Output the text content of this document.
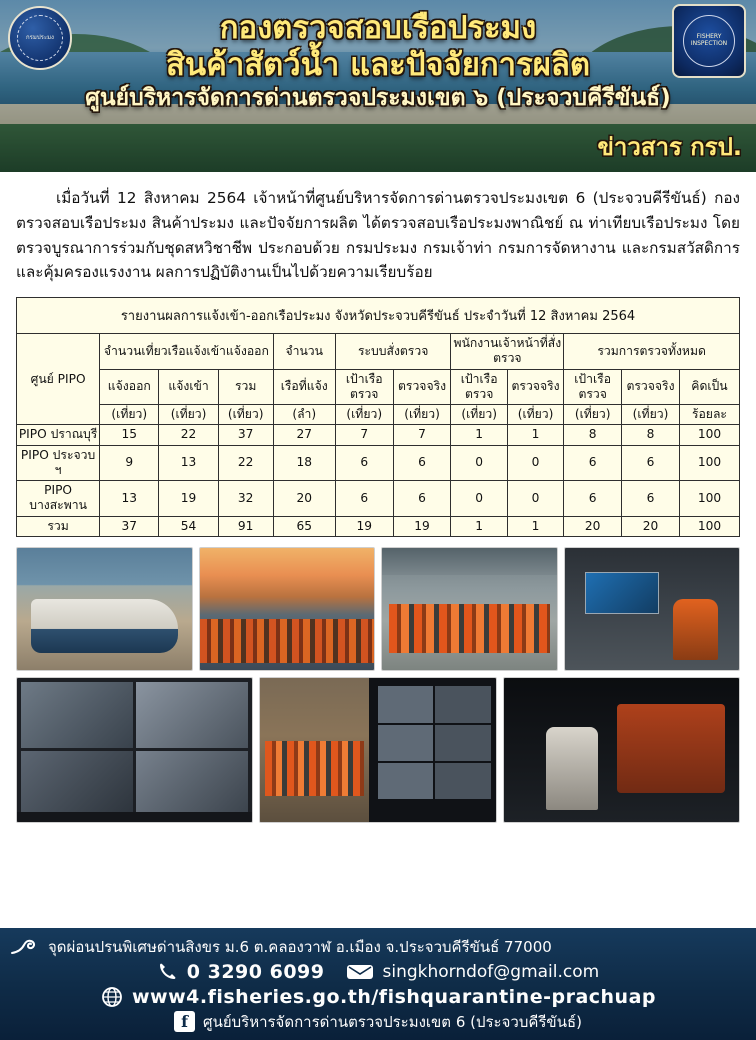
กรมประมง	FISHERY INSPECTION
กองตรวจสอบเรือประมง
สินค้าสัตว์น้ำ และปัจจัยการผลิต
ศูนย์บริหารจัดการด่านตรวจประมงเขต ๖ (ประจวบคีรีขันธ์)
ข่าวสาร กรป.
เมื่อวันที่ 12 สิงหาคม 2564 เจ้าหน้าที่ศูนย์บริหารจัดการด่านตรวจประมงเขต 6 (ประจวบคีรีขันธ์) กองตรวจสอบเรือประมง สินค้าประมง และปัจจัยการผลิต ได้ตรวจสอบเรือประมงพาณิชย์ ณ ท่าเทียบเรือประมง โดยตรวจบูรณาการร่วมกับชุดสหวิชาชีพ ประกอบด้วย กรมประมง กรมเจ้าท่า กรมการจัดหางาน และกรมสวัสดิการและคุ้มครองแรงงาน ผลการปฏิบัติงานเป็นไปด้วยความเรียบร้อย
รายงานผลการแจ้งเข้า-ออกเรือประมง จังหวัดประจวบคีรีขันธ์ ประจำวันที่ 12 สิงหาคม 2564
ศูนย์ PIPO	จำนวนเที่ยวเรือแจ้งเข้าแจ้งออก			จำนวน	ระบบสั่งตรวจ		พนักงานเจ้าหน้าที่สั่งตรวจ		รวมการตรวจทั้งหมด		
	แจ้งออก	แจ้งเข้า	รวม	เรือที่แจ้ง	เป้าเรือตรวจ	ตรวจจริง	เป้าเรือตรวจ	ตรวจจริง	เป้าเรือตรวจ	ตรวจจริง	คิดเป็น
	(เที่ยว)	(เที่ยว)	(เที่ยว)	(ลำ)	(เที่ยว)	(เที่ยว)	(เที่ยว)	(เที่ยว)	(เที่ยว)	(เที่ยว)	ร้อยละ
PIPO ปราณบุรี	15	22	37	27	7	7	1	1	8	8	100
PIPO ประจวบ ฯ	9	13	22	18	6	6	0	0	6	6	100
PIPO บางสะพาน	13	19	32	20	6	6	0	0	6	6	100
รวม	37	54	91	65	19	19	1	1	20	20	100
จุดผ่อนปรนพิเศษด่านสิงขร ม.6 ต.คลองวาฬ อ.เมือง จ.ประจวบคีรีขันธ์ 77000
0 3290 6099	singkhorndof@gmail.com
www4.fisheries.go.th/fishquarantine-prachuap
f	ศูนย์บริหารจัดการด่านตรวจประมงเขต 6 (ประจวบคีรีขันธ์)
